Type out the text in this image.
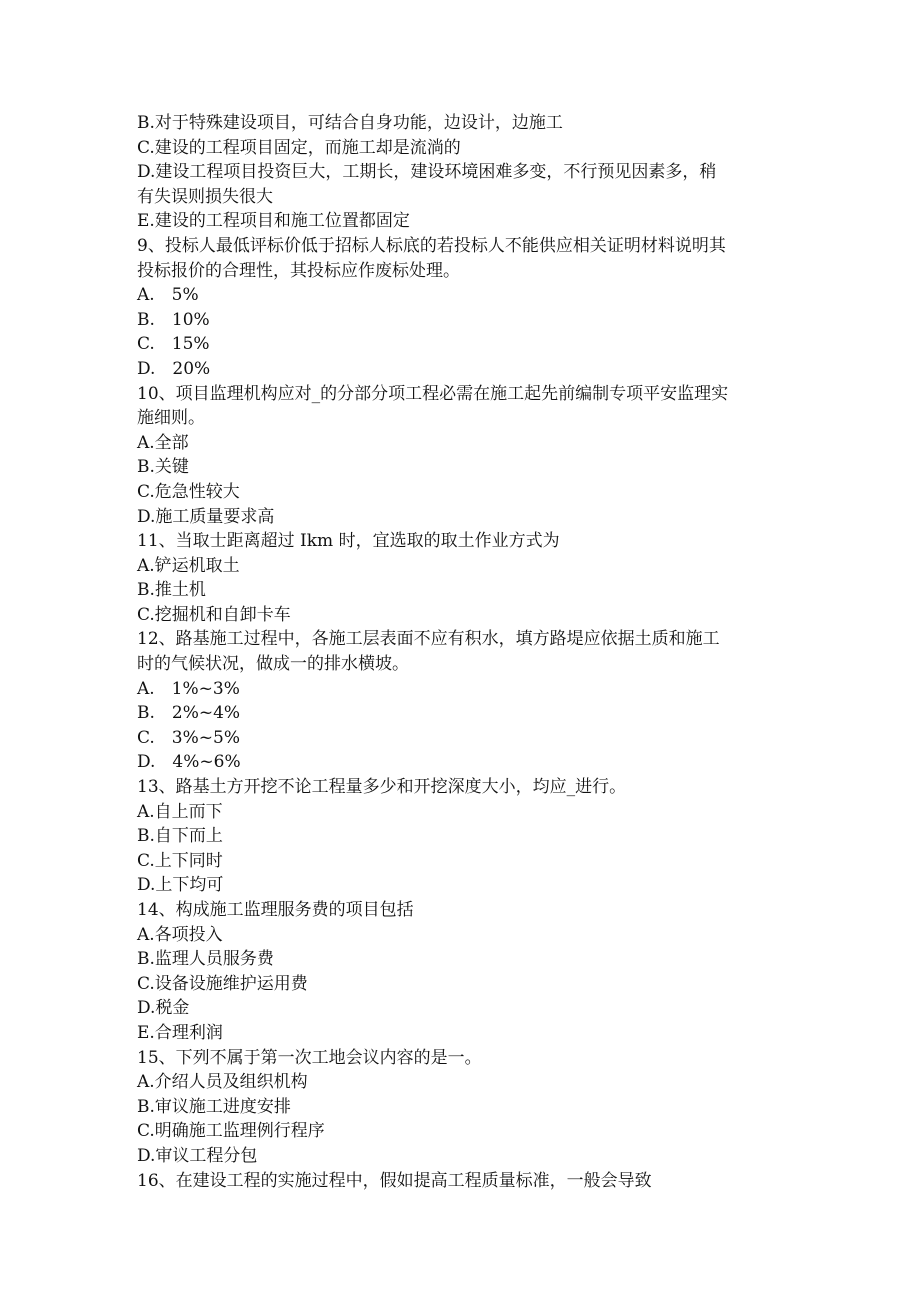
B.对于特殊建设项目，可结合自身功能，边设计，边施工

C.建设的工程项目固定，而施工却是流淌的

D.建设工程项目投资巨大，工期长，建设环境困难多变，不行预见因素多，稍

有失误则损失很大

E.建设的工程项目和施工位置都固定

9、投标人最低评标价低于招标人标底的若投标人不能供应相关证明材料说明其

投标报价的合理性，其投标应作废标处理。

A.　5%

B.　10%

C.　15%

D.　20%

10、项目监理机构应对_的分部分项工程必需在施工起先前编制专项平安监理实

施细则。

A.全部

B.关键

C.危急性较大

D.施工质量要求高

11、当取士距离超过 Ikm 时，宜选取的取土作业方式为

A.铲运机取土

B.推土机

C.挖掘机和自卸卡车

12、路基施工过程中，各施工层表面不应有积水，填方路堤应依据土质和施工

时的气候状况，做成一的排水横坡。

A.　1%~3%

B.　2%~4%

C.　3%~5%

D.　4%~6%

13、路基土方开挖不论工程量多少和开挖深度大小，均应_进行。

A.自上而下

B.自下而上

C.上下同时

D.上下均可

14、构成施工监理服务费的项目包括

A.各项投入

B.监理人员服务费

C.设备设施维护运用费

D.税金

E.合理利润

15、下列不属于第一次工地会议内容的是一。

A.介绍人员及组织机构

B.审议施工进度安排

C.明确施工监理例行程序

D.审议工程分包

16、在建设工程的实施过程中，假如提高工程质量标准，一般会导致
